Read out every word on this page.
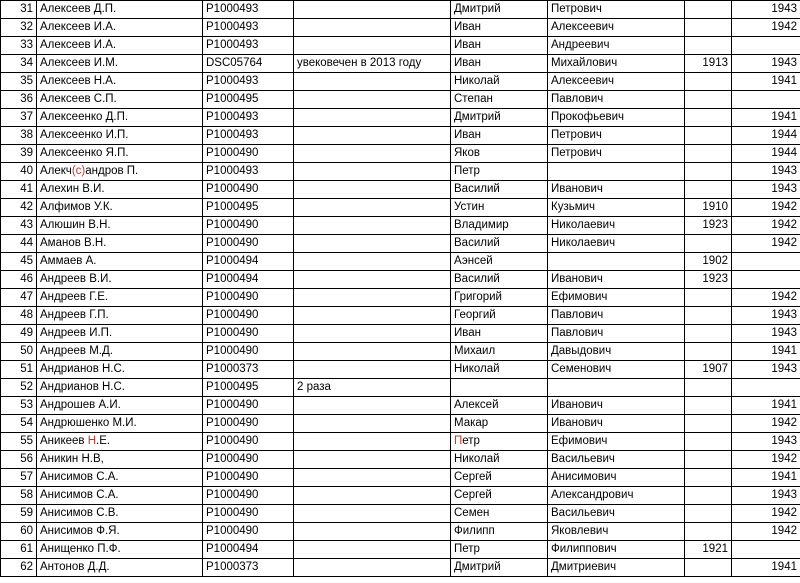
31	Алексеев Д.П.	P1000493		Дмитрий	Петрович		1943
32	Алексеев И.А.	P1000493		Иван	Алексеевич		1942
33	Алексеев И.А.	P1000493		Иван	Андреевич		
34	Алексеев И.М.	DSC05764	увековечен в 2013 году	Иван	Михайлович	1913	1943
35	Алексеев Н.А.	P1000493		Николай	Алексеевич		1941
36	Алексеев С.П.	P1000495		Степан	Павлович		
37	Алексеенко Д.П.	P1000493		Дмитрий	Прокофьевич		1941
38	Алексеенко И.П.	P1000493		Иван	Петрович		1944
39	Алексеенко Я.П.	P1000490		Яков	Петрович		1944
40	Алекч(с)андров П.	P1000493		Петр			1943
41	Алехин В.И.	P1000490		Василий	Иванович		1943
42	Алфимов У.К.	P1000495		Устин	Кузьмич	1910	1942
43	Алюшин В.Н.	P1000490		Владимир	Николаевич	1923	1942
44	Аманов В.Н.	P1000490		Василий	Николаевич		1942
45	Аммаев А.	P1000494		Аэнсей		1902	
46	Андреев В.И.	P1000494		Василий	Иванович	1923	
47	Андреев Г.Е.	P1000490		Григорий	Ефимович		1942
48	Андреев Г.П.	P1000490		Георгий	Павлович		1943
49	Андреев И.П.	P1000490		Иван	Павлович		1943
50	Андреев М.Д.	P1000490		Михаил	Давыдович		1941
51	Андрианов Н.С.	P1000373		Николай	Семенович	1907	1943
52	Андрианов Н.С.	P1000495	2 раза				
53	Андрошев А.И.	P1000490		Алексей	Иванович		1941
54	Андрюшенко М.И.	P1000490		Макар	Иванович		1942
55	Аникеев Н.Е.	P1000490		Петр	Ефимович		1943
56	Аникин Н.В,	P1000490		Николай	Васильевич		1942
57	Анисимов С.А.	P1000490		Сергей	Анисимович		1941
58	Анисимов С.А.	P1000490		Сергей	Александрович		1943
59	Анисимов С.В.	P1000490		Семен	Васильевич		1942
60	Анисимов Ф.Я.	P1000490		Филипп	Яковлевич		1942
61	Анищенко П.Ф.	P1000494		Петр	Филиппович	1921	
62	Антонов Д.Д.	P1000373		Дмитрий	Дмитриевич		1941
